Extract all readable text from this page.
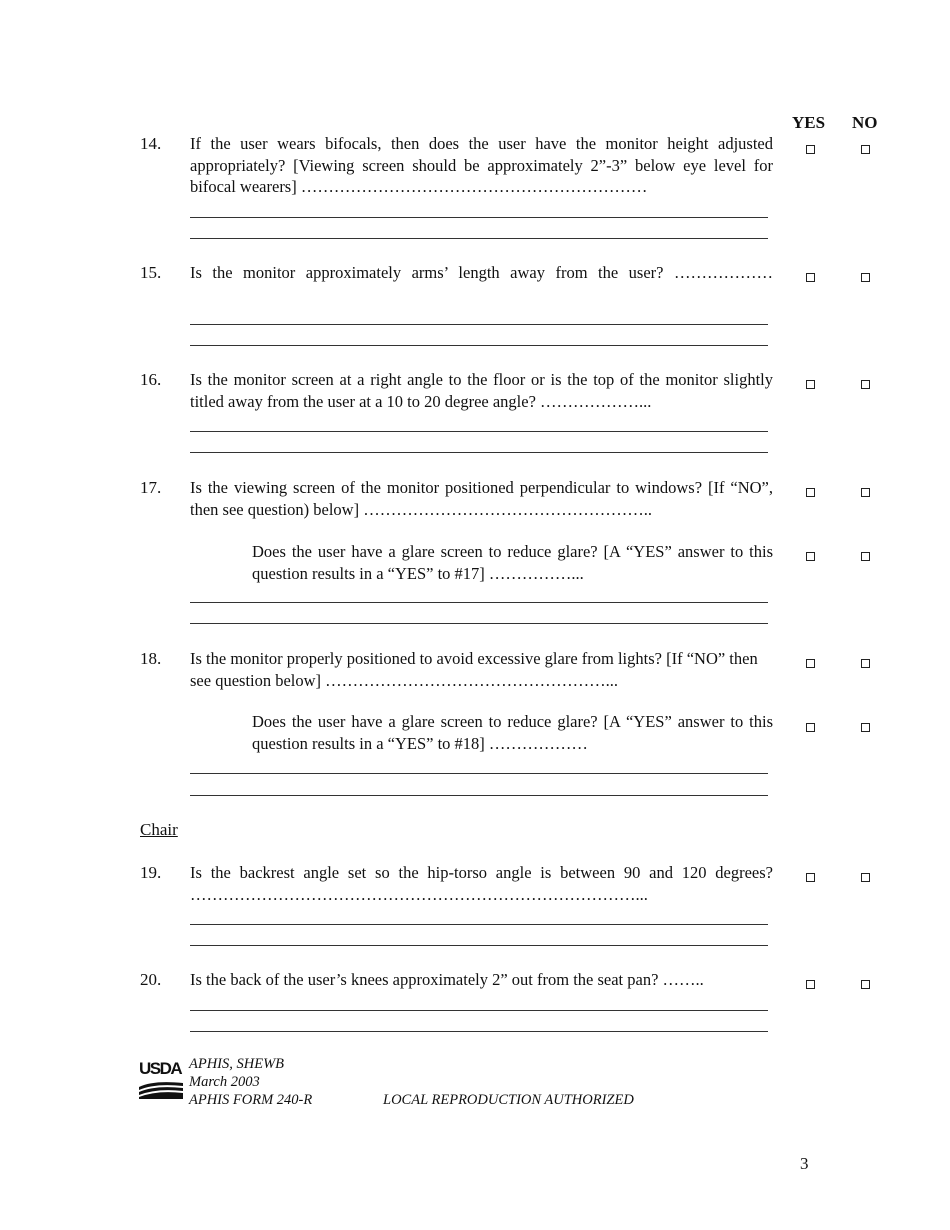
YES NO
14. If the user wears bifocals, then does the user have the monitor height adjusted appropriately? [Viewing screen should be approximately 2”-3” below eye level for bifocal wearers] ………………………………………………………
15. Is the monitor approximately arms’ length away from the user? ………………
16. Is the monitor screen at a right angle to the floor or is the top of the monitor slightly titled away from the user at a 10 to 20 degree angle? ………………...
17. Is the viewing screen of the monitor positioned perpendicular to windows? [If “NO”, then see question) below] ……………………………………………..
Does the user have a glare screen to reduce glare? [A “YES” answer to this question results in a “YES” to #17] ……………...
18. Is the monitor properly positioned to avoid excessive glare from lights? [If “NO” then see question below] ……………………………………………...
Does the user have a glare screen to reduce glare? [A “YES” answer to this question results in a “YES” to #18] ………………
Chair
19. Is the backrest angle set so the hip-torso angle is between 90 and 120 degrees? ………………………………………………………………………...
20. Is the back of the user’s knees approximately 2” out from the seat pan? ……..
USDA APHIS, SHEWB
March 2003
APHIS FORM 240-R	LOCAL REPRODUCTION AUTHORIZED
3
